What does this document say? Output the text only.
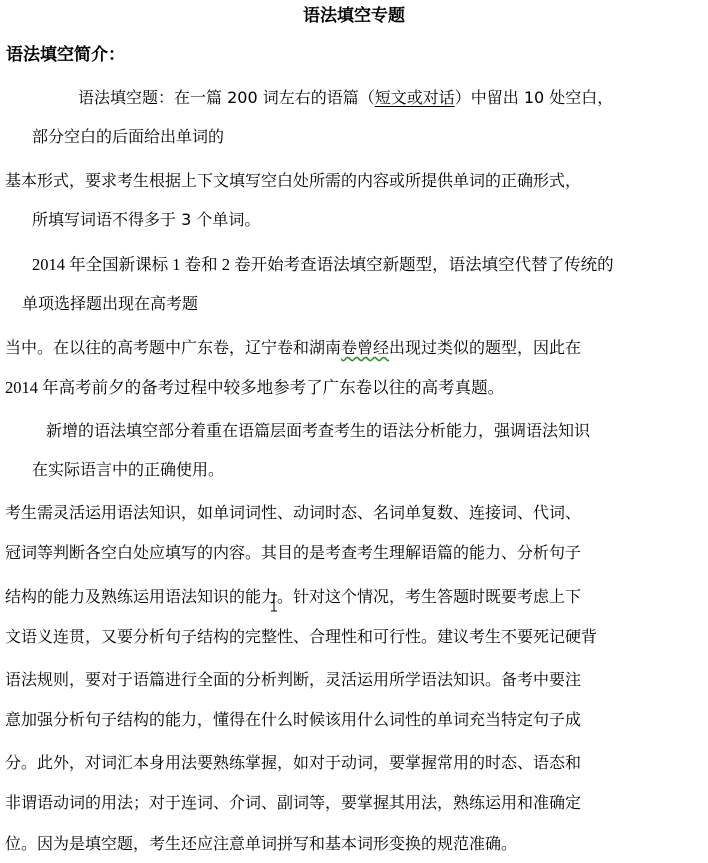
语法填空专题
语法填空简介：
语法填空题：在一篇 200 词左右的语篇（短文或对话）中留出 10 处空白，
部分空白的后面给出单词的
基本形式，要求考生根据上下文填写空白处所需的内容或所提供单词的正确形式，
所填写词语不得多于 3 个单词。
2014 年全国新课标 1 卷和 2 卷开始考查语法填空新题型，语法填空代替了传统的
单项选择题出现在高考题
当中。在以往的高考题中广东卷，辽宁卷和湖南卷曾经出现过类似的题型，因此在
2014 年高考前夕的备考过程中较多地参考了广东卷以往的高考真题。
新增的语法填空部分着重在语篇层面考查考生的语法分析能力，强调语法知识
在实际语言中的正确使用。
考生需灵活运用语法知识，如单词词性、动词时态、名词单复数、连接词、代词、
冠词等判断各空白处应填写的内容。其目的是考查考生理解语篇的能力、分析句子
结构的能力及熟练运用语法知识的能力。针对这个情况，考生答题时既要考虑上下
文语义连贯，又要分析句子结构的完整性、合理性和可行性。建议考生不要死记硬背
语法规则，要对于语篇进行全面的分析判断，灵活运用所学语法知识。备考中要注
意加强分析句子结构的能力，懂得在什么时候该用什么词性的单词充当特定句子成
分。此外，对词汇本身用法要熟练掌握，如对于动词，要掌握常用的时态、语态和
非谓语动词的用法；对于连词、介词、副词等，要掌握其用法，熟练运用和准确定
位。因为是填空题，考生还应注意单词拼写和基本词形变换的规范准确。
